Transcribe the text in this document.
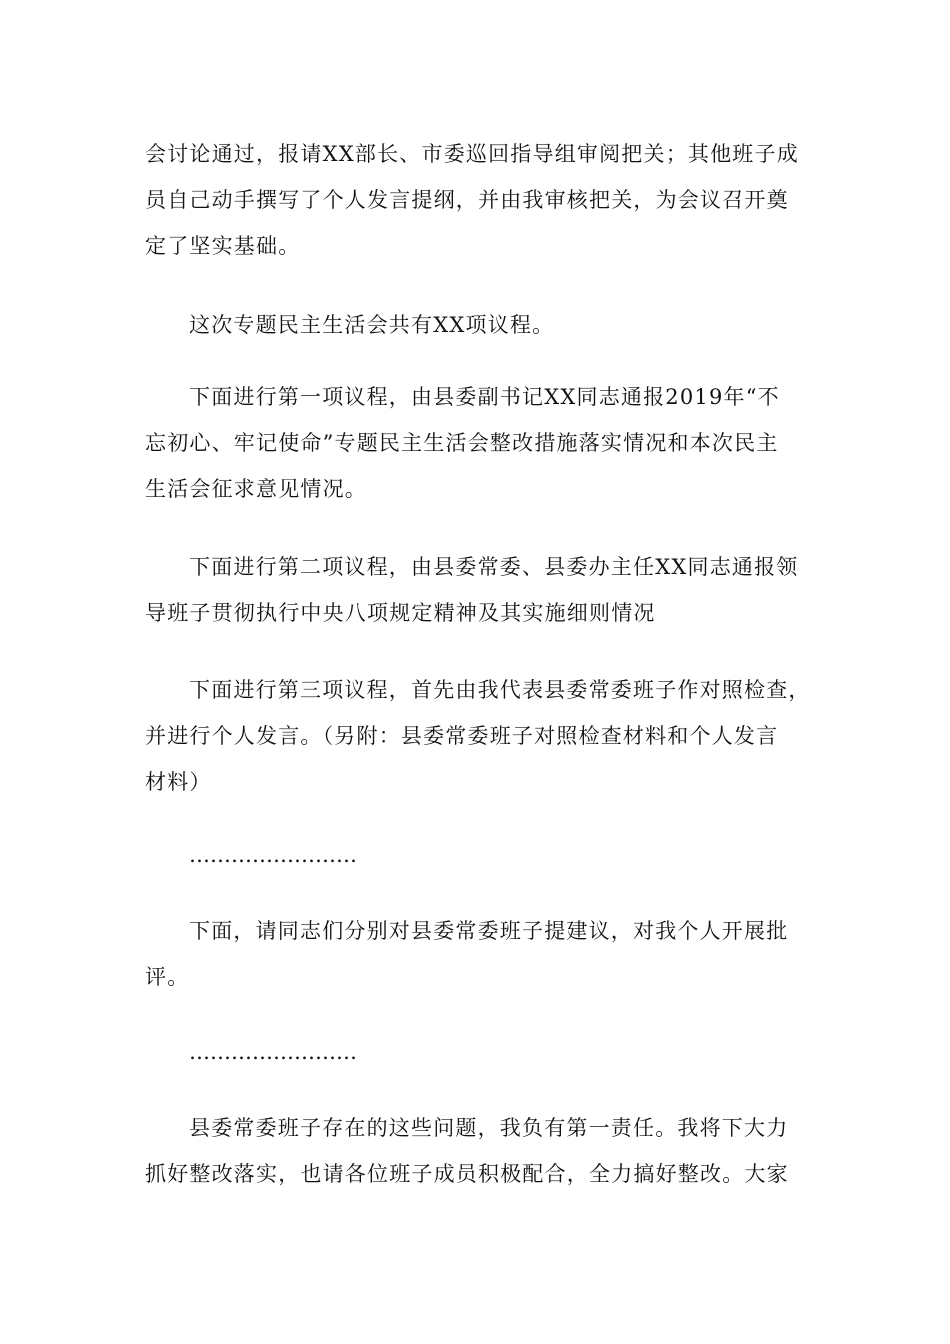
会讨论通过，报请XX部长、市委巡回指导组审阅把关；其他班子成
员自己动手撰写了个人发言提纲，并由我审核把关，为会议召开奠
定了坚实基础。

这次专题民主生活会共有XX项议程。

下面进行第一项议程，由县委副书记XX同志通报2019年“不
忘初心、牢记使命”专题民主生活会整改措施落实情况和本次民主
生活会征求意见情况。

下面进行第二项议程，由县委常委、县委办主任XX同志通报领
导班子贯彻执行中央八项规定精神及其实施细则情况

下面进行第三项议程，首先由我代表县委常委班子作对照检查，
并进行个人发言。（另附：县委常委班子对照检查材料和个人发言
材料）

……………………

下面，请同志们分别对县委常委班子提建议，对我个人开展批
评。

……………………

县委常委班子存在的这些问题，我负有第一责任。我将下大力
抓好整改落实，也请各位班子成员积极配合，全力搞好整改。大家
